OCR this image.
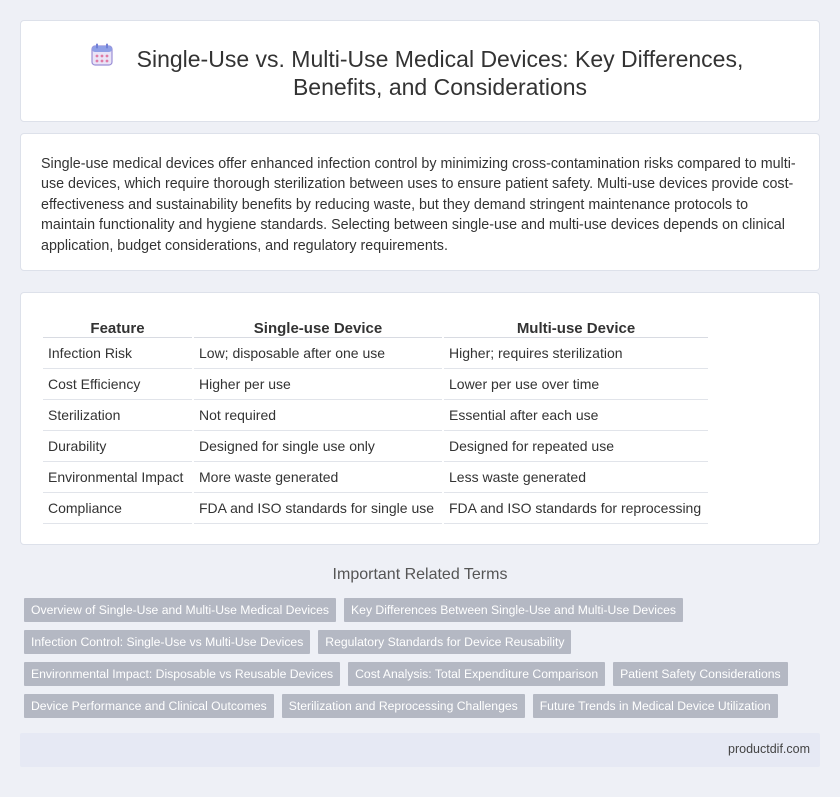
Single-Use vs. Multi-Use Medical Devices: Key Differences, Benefits, and Considerations

Single-use medical devices offer enhanced infection control by minimizing cross-contamination risks compared to multi-use devices, which require thorough sterilization between uses to ensure patient safety. Multi-use devices provide cost-effectiveness and sustainability benefits by reducing waste, but they demand stringent maintenance protocols to maintain functionality and hygiene standards. Selecting between single-use and multi-use devices depends on clinical application, budget considerations, and regulatory requirements.

Feature	Single-use Device	Multi-use Device
Infection Risk	Low; disposable after one use	Higher; requires sterilization
Cost Efficiency	Higher per use	Lower per use over time
Sterilization	Not required	Essential after each use
Durability	Designed for single use only	Designed for repeated use
Environmental Impact	More waste generated	Less waste generated
Compliance	FDA and ISO standards for single use	FDA and ISO standards for reprocessing
Important Related Terms
Overview of Single-Use and Multi-Use Medical Devices	Key Differences Between Single-Use and Multi-Use Devices
Infection Control: Single-Use vs Multi-Use Devices	Regulatory Standards for Device Reusability
Environmental Impact: Disposable vs Reusable Devices	Cost Analysis: Total Expenditure Comparison	Patient Safety Considerations
Device Performance and Clinical Outcomes	Sterilization and Reprocessing Challenges	Future Trends in Medical Device Utilization
productdif.com
